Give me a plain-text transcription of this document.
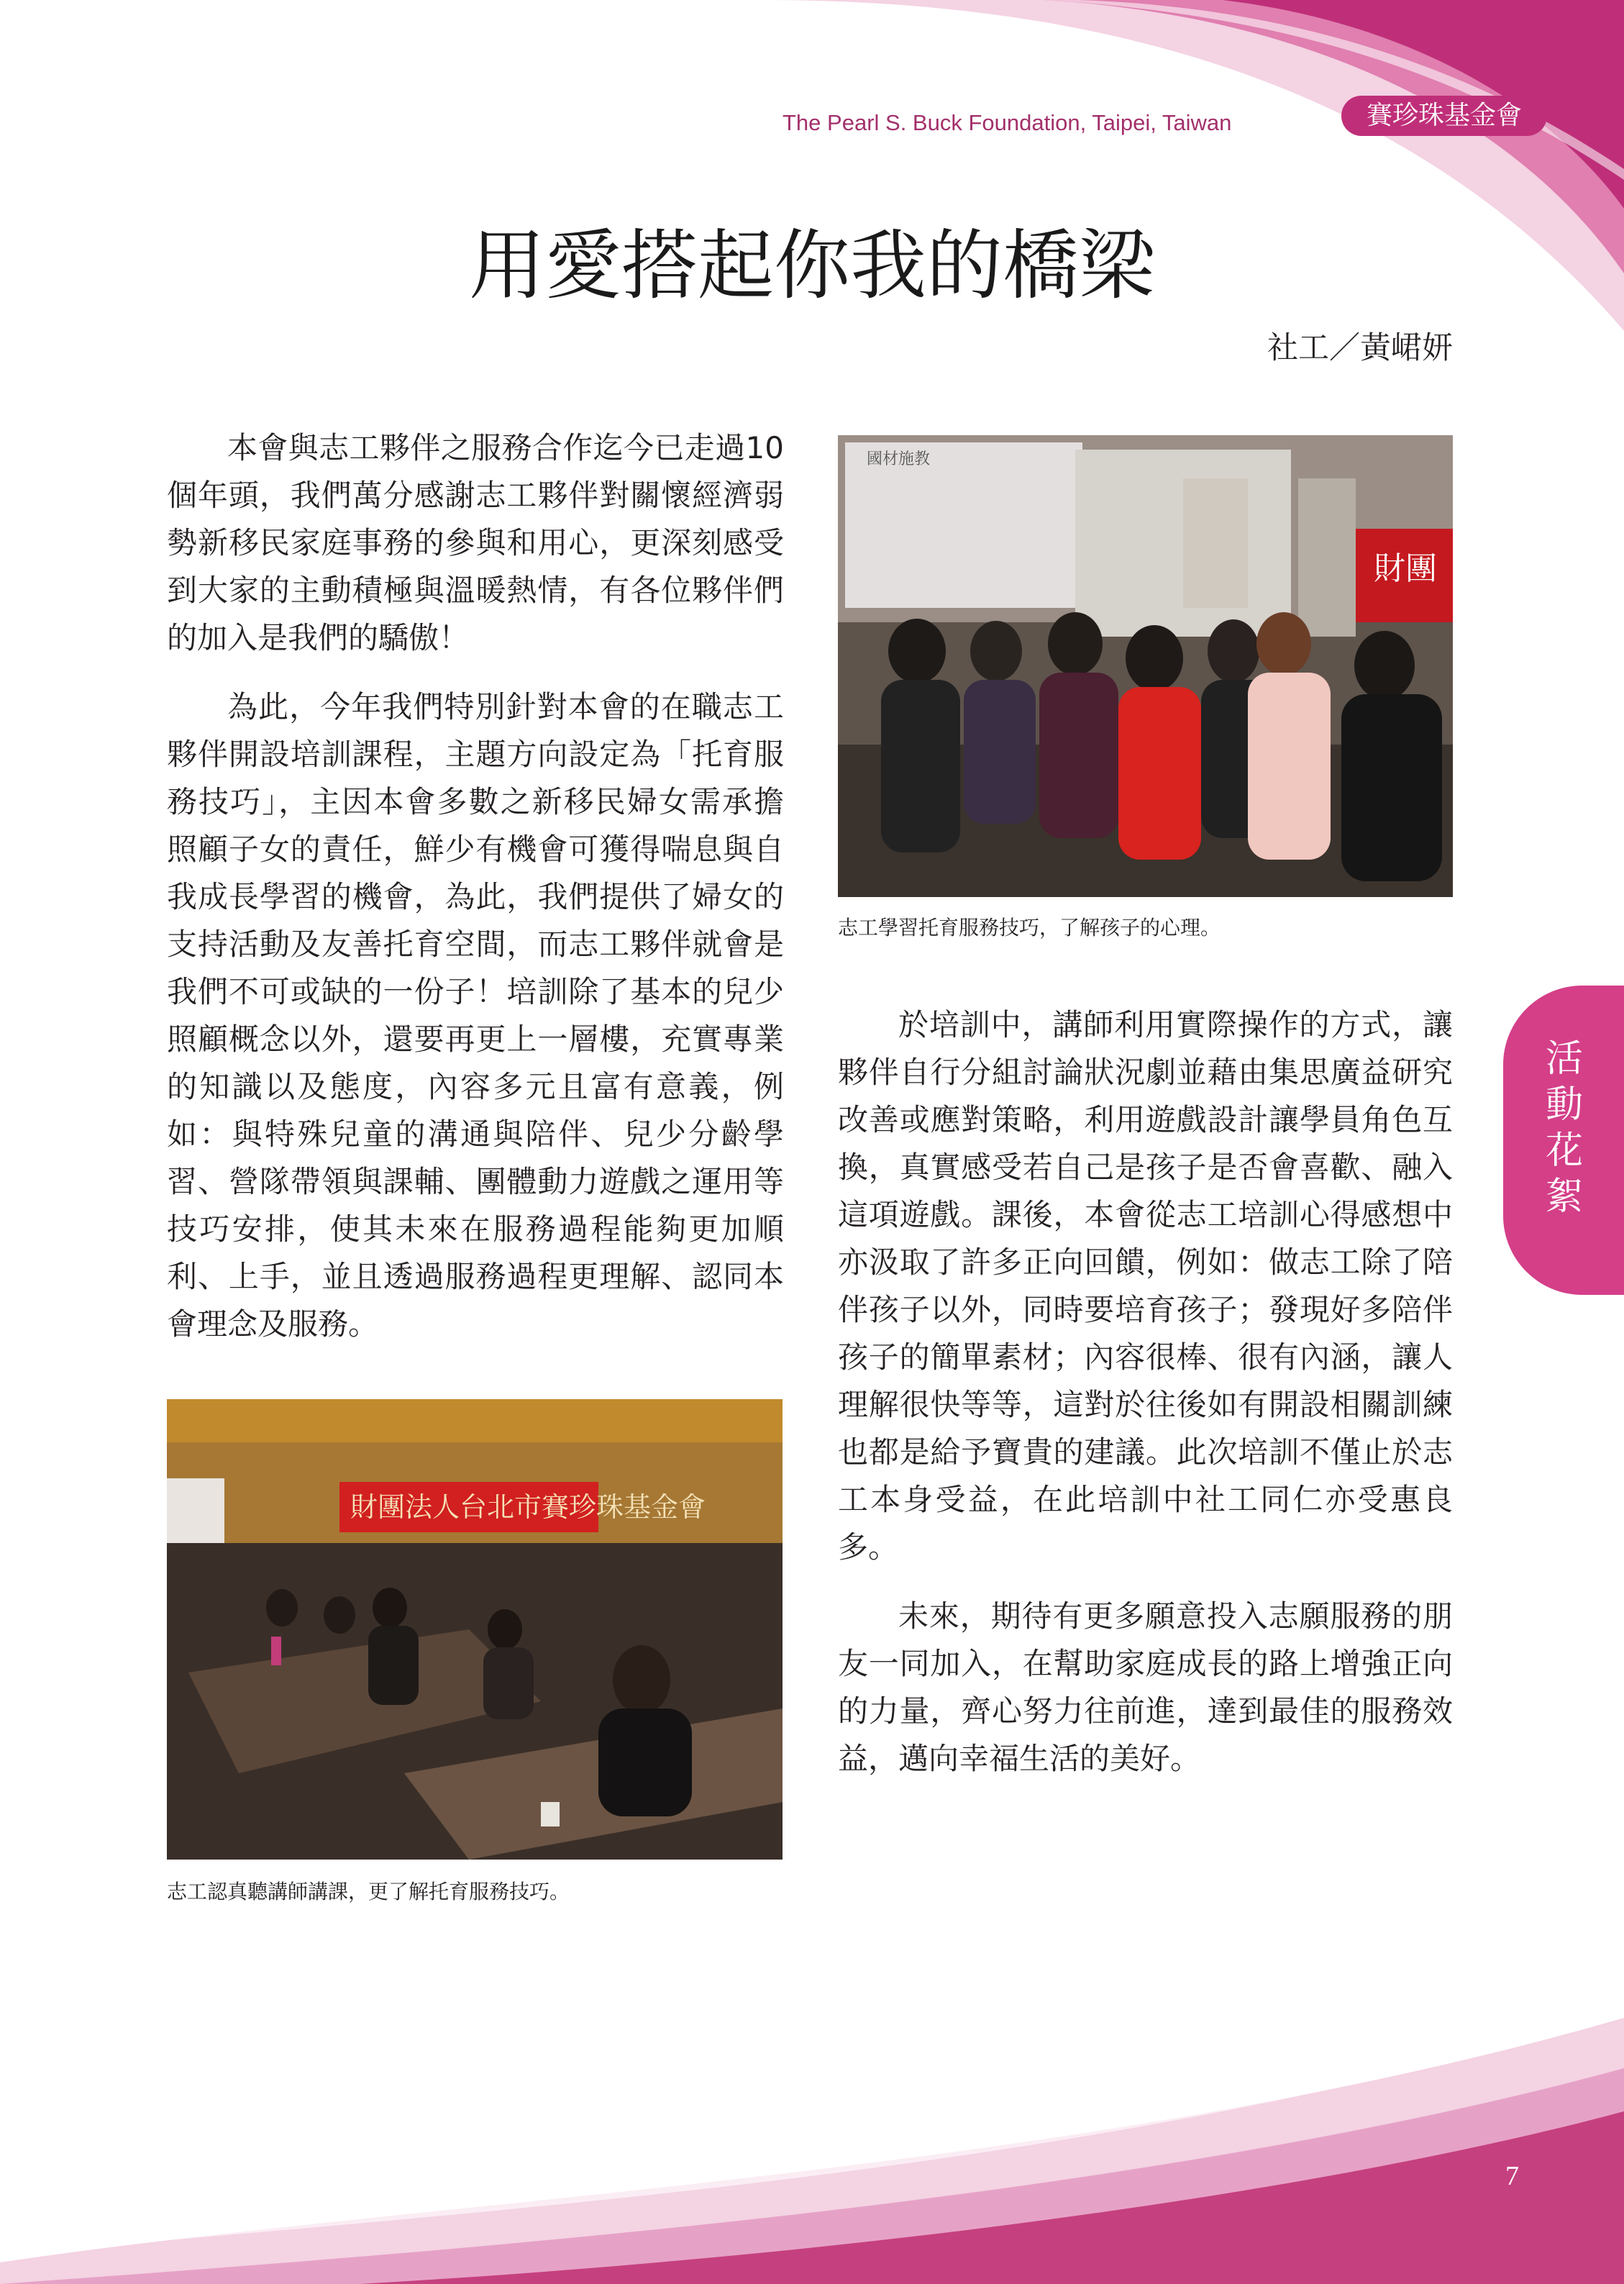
The Pearl S. Buck Foundation, Taipei, Taiwan	賽珍珠基金會
用愛搭起你我的橋梁
社工／黃峮妍

本會與志工夥伴之服務合作迄今已走過10個年頭，我們萬分感謝志工夥伴對關懷經濟弱勢新移民家庭事務的參與和用心，更深刻感受到大家的主動積極與溫暖熱情，有各位夥伴們的加入是我們的驕傲！

為此，今年我們特別針對本會的在職志工夥伴開設培訓課程，主題方向設定為「托育服務技巧」，主因本會多數之新移民婦女需承擔照顧子女的責任，鮮少有機會可獲得喘息與自我成長學習的機會，為此，我們提供了婦女的支持活動及友善托育空間，而志工夥伴就會是我們不可或缺的一份子！培訓除了基本的兒少照顧概念以外，還要再更上一層樓，充實專業的知識以及態度，內容多元且富有意義，例如：與特殊兒童的溝通與陪伴、兒少分齡學習、營隊帶領與課輔、團體動力遊戲之運用等技巧安排，使其未來在服務過程能夠更加順利、上手，並且透過服務過程更理解、認同本會理念及服務。

國材施教
財團
志工學習托育服務技巧，了解孩子的心理。

於培訓中，講師利用實際操作的方式，讓夥伴自行分組討論狀況劇並藉由集思廣益研究改善或應對策略，利用遊戲設計讓學員角色互換，真實感受若自己是孩子是否會喜歡、融入這項遊戲。課後，本會從志工培訓心得感想中亦汲取了許多正向回饋，例如：做志工除了陪伴孩子以外，同時要培育孩子；發現好多陪伴孩子的簡單素材；內容很棒、很有內涵，讓人理解很快等等，這對於往後如有開設相關訓練也都是給予寶貴的建議。此次培訓不僅止於志工本身受益，在此培訓中社工同仁亦受惠良多。

未來，期待有更多願意投入志願服務的朋友一同加入，在幫助家庭成長的路上增強正向的力量，齊心努力往前進，達到最佳的服務效益，邁向幸福生活的美好。

財團法人台北市賽珍珠基金會
志工認真聽講師講課，更了解托育服務技巧。
活動花絮
7
